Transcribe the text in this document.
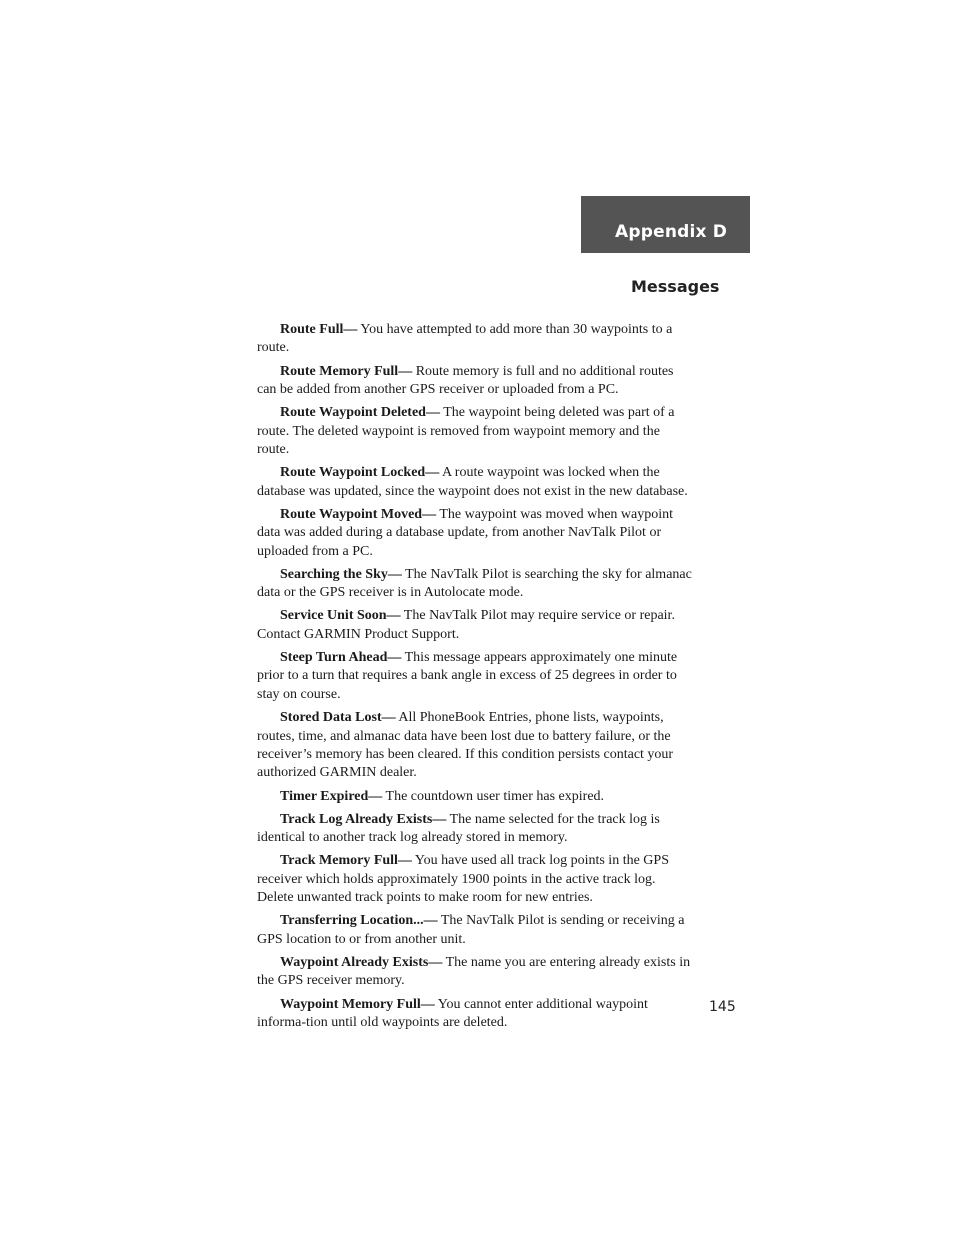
Appendix D
Messages

Route Full— You have attempted to add more than 30 waypoints to a route.

Route Memory Full— Route memory is full and no additional routes can be added from another GPS receiver or uploaded from a PC.

Route Waypoint Deleted— The waypoint being deleted was part of a route. The deleted waypoint is removed from waypoint memory and the route.

Route Waypoint Locked— A route waypoint was locked when the database was updated, since the waypoint does not exist in the new database.

Route Waypoint Moved— The waypoint was moved when waypoint data was added during a database update, from another NavTalk Pilot or uploaded from a PC.

Searching the Sky— The NavTalk Pilot is searching the sky for almanac data or the GPS receiver is in Autolocate mode.

Service Unit Soon— The NavTalk Pilot may require service or repair. Contact GARMIN Product Support.

Steep Turn Ahead— This message appears approximately one minute prior to a turn that requires a bank angle in excess of 25 degrees in order to stay on course.

Stored Data Lost— All PhoneBook Entries, phone lists, waypoints, routes, time, and almanac data have been lost due to battery failure, or the receiver’s memory has been cleared. If this condition persists contact your authorized GARMIN dealer.

Timer Expired— The countdown user timer has expired.

Track Log Already Exists— The name selected for the track log is identical to another track log already stored in memory.

Track Memory Full— You have used all track log points in the GPS receiver which holds approximately 1900 points in the active track log. Delete unwanted track points to make room for new entries.

Transferring Location...— The NavTalk Pilot is sending or receiving a GPS location to or from another unit.

Waypoint Already Exists— The name you are entering already exists in the GPS receiver memory.

Waypoint Memory Full— You cannot enter additional waypoint informa-tion until old waypoints are deleted.

145
